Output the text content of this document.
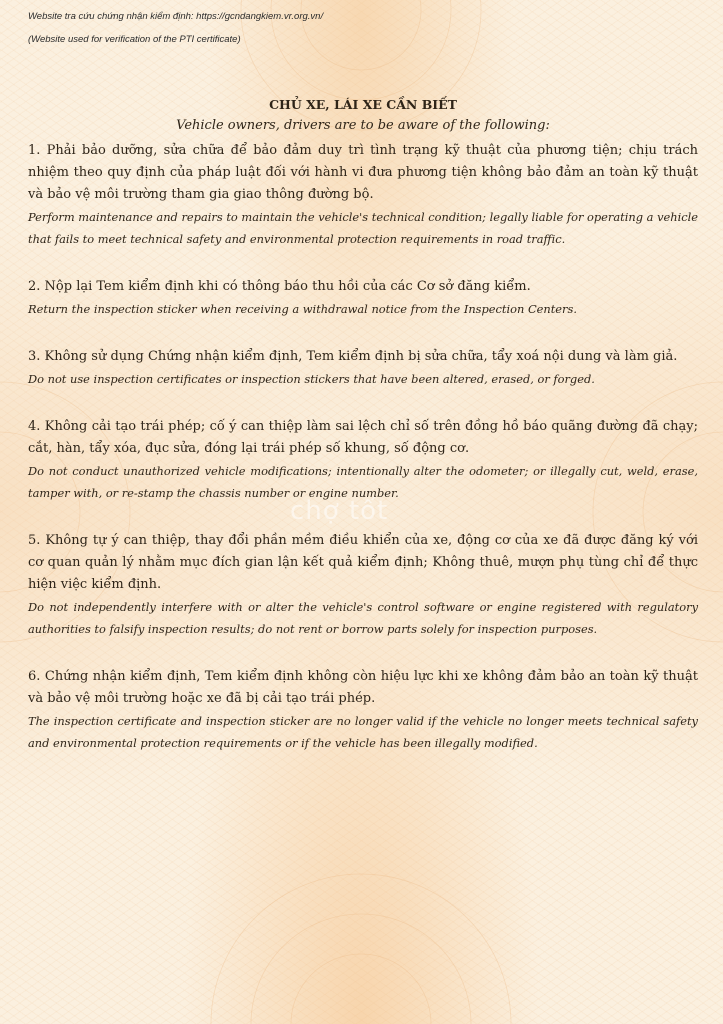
Website tra cứu chứng nhận kiểm định: https://gcndangkiem.vr.org.vn/

(Website used for verification of the PTI certificate)

CHỦ XE, LÁI XE CẦN BIẾT

Vehicle owners, drivers are to be aware of the following:

1. Phải bảo dưỡng, sửa chữa để bảo đảm duy trì tình trạng kỹ thuật của phương tiện; chịu trách nhiệm theo quy định của pháp luật đối với hành vi đưa phương tiện không bảo đảm an toàn kỹ thuật và bảo vệ môi trường tham gia giao thông đường bộ.

Perform maintenance and repairs to maintain the vehicle's technical condition; legally liable for operating a vehicle that fails to meet technical safety and environmental protection requirements in road traffic.

2. Nộp lại Tem kiểm định khi có thông báo thu hồi của các Cơ sở đăng kiểm.

Return the inspection sticker when receiving a withdrawal notice from the Inspection Centers.

3. Không sử dụng Chứng nhận kiểm định, Tem kiểm định bị sửa chữa, tẩy xoá nội dung và làm giả.

Do not use inspection certificates or inspection stickers that have been altered, erased, or forged.

4. Không cải tạo trái phép; cố ý can thiệp làm sai lệch chỉ số trên đồng hồ báo quãng đường đã chạy; cắt, hàn, tẩy xóa, đục sửa, đóng lại trái phép số khung, số động cơ.

Do not conduct unauthorized vehicle modifications; intentionally alter the odometer; or illegally cut, weld, erase, tamper with, or re-stamp the chassis number or engine number.

5. Không tự ý can thiệp, thay đổi phần mềm điều khiển của xe, động cơ của xe đã được đăng ký với cơ quan quản lý nhằm mục đích gian lận kết quả kiểm định; Không thuê, mượn phụ tùng chỉ để thực hiện việc kiểm định.

Do not independently interfere with or alter the vehicle's control software or engine registered with regulatory authorities to falsify inspection results; do not rent or borrow parts solely for inspection purposes.

6. Chứng nhận kiểm định, Tem kiểm định không còn hiệu lực khi xe không đảm bảo an toàn kỹ thuật và bảo vệ môi trường hoặc xe đã bị cải tạo trái phép.

The inspection certificate and inspection sticker are no longer valid if the vehicle no longer meets technical safety and environmental protection requirements or if the vehicle has been illegally modified.

chợ tốt
